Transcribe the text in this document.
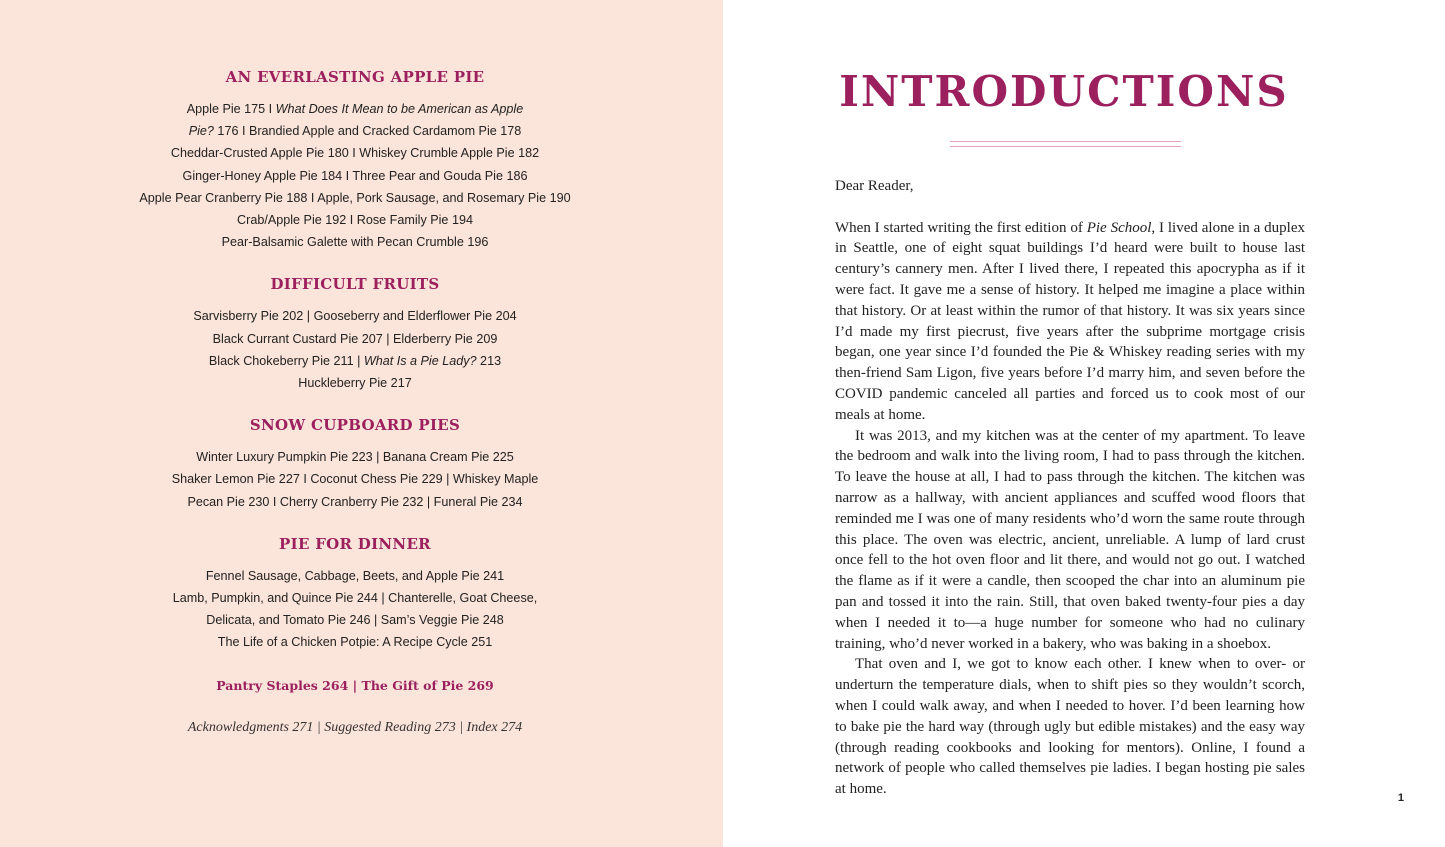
AN EVERLASTING APPLE PIE
Apple Pie 175 I What Does It Mean to be American as Apple
Pie? 176 I Brandied Apple and Cracked Cardamom Pie 178
Cheddar-Crusted Apple Pie 180 I Whiskey Crumble Apple Pie 182
Ginger-Honey Apple Pie 184 I Three Pear and Gouda Pie 186
Apple Pear Cranberry Pie 188 I Apple, Pork Sausage, and Rosemary Pie 190
Crab/Apple Pie 192 I Rose Family Pie 194
Pear-Balsamic Galette with Pecan Crumble 196
DIFFICULT FRUITS
Sarvisberry Pie 202 | Gooseberry and Elderflower Pie 204
Black Currant Custard Pie 207 | Elderberry Pie 209
Black Chokeberry Pie 211 | What Is a Pie Lady? 213
Huckleberry Pie 217
SNOW CUPBOARD PIES
Winter Luxury Pumpkin Pie 223 | Banana Cream Pie 225
Shaker Lemon Pie 227 I Coconut Chess Pie 229 | Whiskey Maple
Pecan Pie 230 I Cherry Cranberry Pie 232 | Funeral Pie 234
PIE FOR DINNER
Fennel Sausage, Cabbage, Beets, and Apple Pie 241
Lamb, Pumpkin, and Quince Pie 244 | Chanterelle, Goat Cheese,
Delicata, and Tomato Pie 246 | Sam’s Veggie Pie 248
The Life of a Chicken Potpie: A Recipe Cycle 251
Pantry Staples 264 | The Gift of Pie 269
Acknowledgments 271 | Suggested Reading 273 | Index 274
INTRODUCTIONS

Dear Reader,

When I started writing the first edition of Pie School, I lived alone in a duplex in Seattle, one of eight squat buildings I’d heard were built to house last century’s cannery men. After I lived there, I repeated this apocrypha as if it were fact. It gave me a sense of history. It helped me imagine a place within that history. Or at least within the rumor of that history. It was six years since I’d made my first piecrust, five years after the subprime mortgage crisis began, one year since I’d founded the Pie & Whiskey reading series with my then-friend Sam Ligon, five years before I’d marry him, and seven before the COVID pandemic canceled all parties and forced us to cook most of our meals at home.

It was 2013, and my kitchen was at the center of my apartment. To leave the bedroom and walk into the living room, I had to pass through the kitchen. To leave the house at all, I had to pass through the kitchen. The kitchen was narrow as a hallway, with ancient appliances and scuffed wood floors that reminded me I was one of many residents who’d worn the same route through this place. The oven was electric, ancient, unreliable. A lump of lard crust once fell to the hot oven floor and lit there, and would not go out. I watched the flame as if it were a candle, then scooped the char into an aluminum pie pan and tossed it into the rain. Still, that oven baked twenty-four pies a day when I needed it to—a huge number for someone who had no culinary training, who’d never worked in a bakery, who was baking in a shoebox.

That oven and I, we got to know each other. I knew when to over- or underturn the temperature dials, when to shift pies so they wouldn’t scorch, when I could walk away, and when I needed to hover. I’d been learning how to bake pie the hard way (through ugly but edible mistakes) and the easy way (through reading cookbooks and looking for mentors). Online, I found a network of people who called themselves pie ladies. I began hosting pie sales at home.

1
